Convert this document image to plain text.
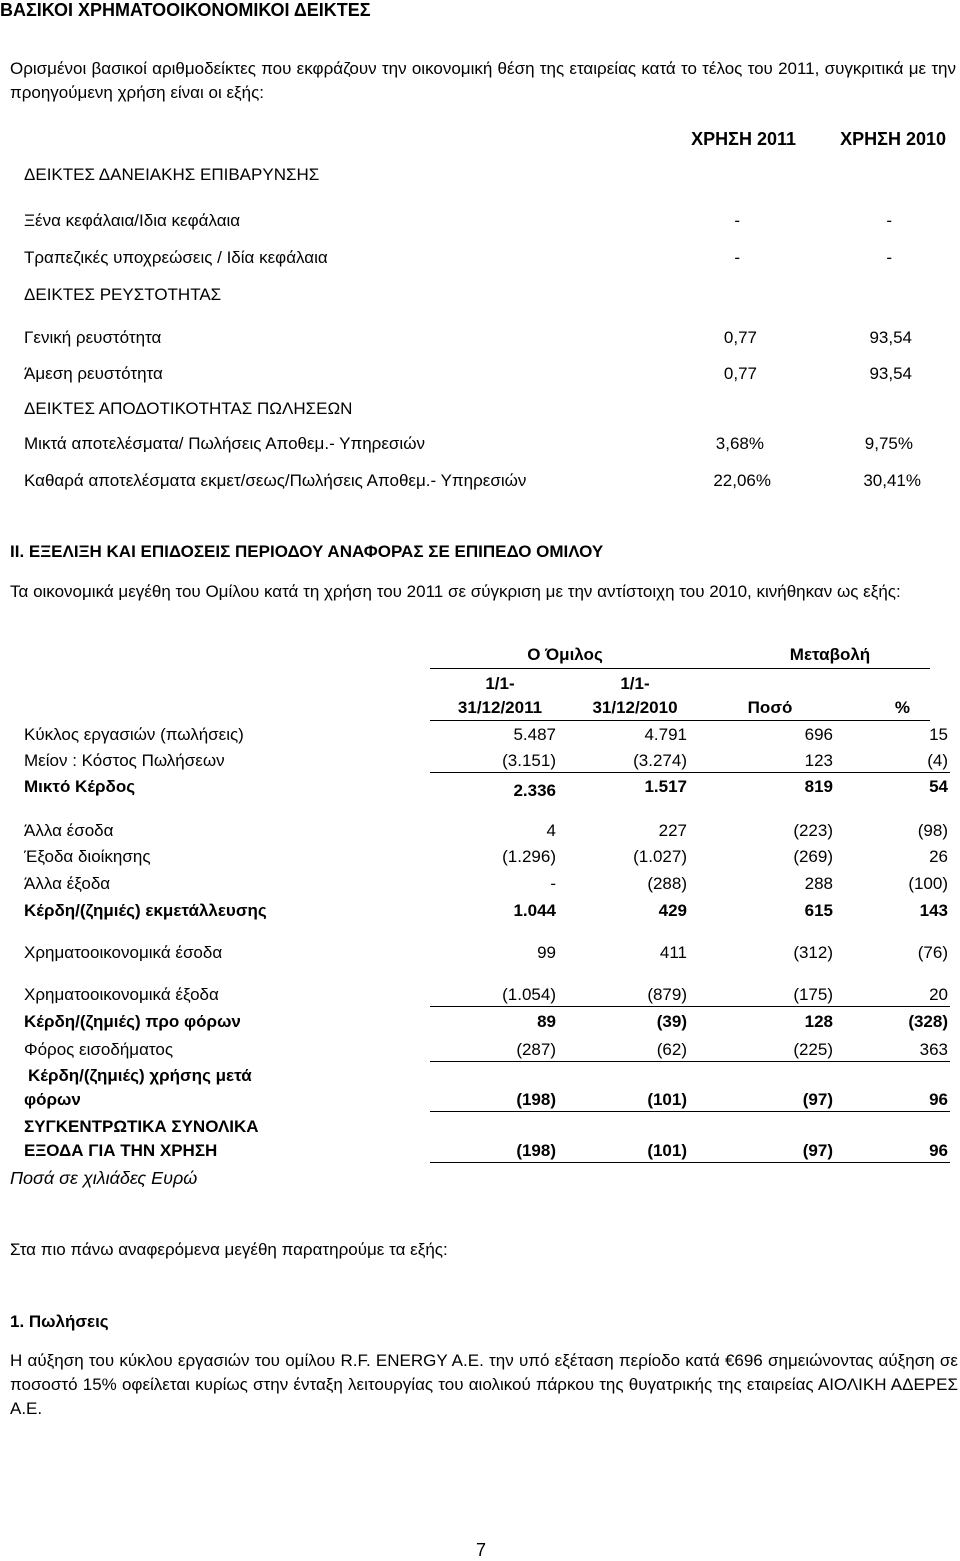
ΒΑΣΙΚΟΙ ΧΡΗΜΑΤΟΟΙΚΟΝΟΜΙΚΟΙ ΔΕΙΚΤΕΣ
Ορισμένοι βασικοί αριθμοδείκτες που εκφράζουν την οικονομική θέση της εταιρείας κατά το τέλος του 2011, συγκριτικά με την προηγούμενη χρήση είναι οι εξής:
ΧΡΗΣΗ 2011	ΧΡΗΣΗ 2010
ΔΕΙΚΤΕΣ ΔΑΝΕΙΑΚΗΣ ΕΠΙΒΑΡΥΝΣΗΣ
Ξένα κεφάλαια/Ιδια κεφάλαια	-	-
Τραπεζικές υποχρεώσεις / Ιδία κεφάλαια	-	-
ΔΕΙΚΤΕΣ ΡΕΥΣΤΟΤΗΤΑΣ
Γενική ρευστότητα	0,77	93,54
Άμεση ρευστότητα	0,77	93,54
ΔΕΙΚΤΕΣ ΑΠΟΔΟΤΙΚΟΤΗΤΑΣ ΠΩΛΗΣΕΩΝ
Μικτά αποτελέσματα/ Πωλήσεις Αποθεμ.- Υπηρεσιών	3,68%	9,75%
Καθαρά αποτελέσματα εκμετ/σεως/Πωλήσεις Αποθεμ.- Υπηρεσιών	22,06%	30,41%
ΙΙ. ΕΞΕΛΙΞΗ ΚΑΙ ΕΠΙΔΟΣΕΙΣ ΠΕΡΙΟΔΟΥ ΑΝΑΦΟΡΑΣ ΣΕ ΕΠΙΠΕΔΟ ΟΜΙΛΟΥ
Τα οικονομικά μεγέθη του Ομίλου κατά τη χρήση του 2011 σε σύγκριση με την αντίστοιχη του 2010, κινήθηκαν ως εξής:
Ο Όμιλος	Μεταβολή
1/1-
31/12/2011
1/1-
31/12/2010	Ποσό	%
Κύκλος εργασιών (πωλήσεις)	5.487	4.791	696	15
Μείον : Κόστος Πωλήσεων	(3.151)	(3.274)	123	(4)
Μικτό Κέρδος	2.336	1.517	819	54
Άλλα έσοδα	4	227	(223)	(98)
Έξοδα διοίκησης	(1.296)	(1.027)	(269)	26
Άλλα έξοδα	-	(288)	288	(100)
Κέρδη/(ζημιές) εκμετάλλευσης	1.044	429	615	143
Χρηματοοικονομικά έσοδα	99	411	(312)	(76)
Χρηματοοικονομικά έξοδα	(1.054)	(879)	(175)	20
Κέρδη/(ζημιές) προ φόρων	89	(39)	128	(328)
Φόρος εισοδήματος	(287)	(62)	(225)	363
Κέρδη/(ζημιές) χρήσης μετά
φόρων	(198)	(101)	(97)	96
ΣΥΓΚΕΝΤΡΩΤΙΚΑ ΣΥΝΟΛΙΚΑ
ΕΞΟΔΑ ΓΙΑ ΤΗΝ ΧΡΗΣΗ	(198)	(101)	(97)	96
Ποσά σε χιλιάδες Ευρώ
Στα πιο πάνω αναφερόμενα μεγέθη παρατηρούμε τα εξής:
1. Πωλήσεις
Η αύξηση του κύκλου εργασιών του ομίλου R.F. ENERGY A.E. την υπό εξέταση περίοδο κατά €696 σημειώνοντας αύξηση σε ποσοστό 15% οφείλεται κυρίως στην ένταξη λειτουργίας του αιολικού πάρκου της θυγατρικής της εταιρείας ΑΙΟΛΙΚΗ ΑΔΕΡΕΣ Α.Ε.
7
